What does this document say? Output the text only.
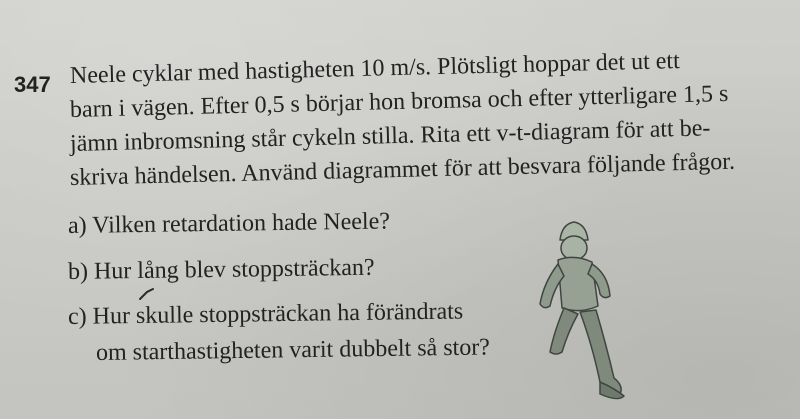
347 Neele cyklar med hastigheten 10 m/s. Plötsligt hoppar det ut ett
barn i vägen. Efter 0,5 s börjar hon bromsa och efter ytterligare 1,5 s
jämn inbromsning står cykeln stilla. Rita ett v-t-diagram för att be-
skriva händelsen. Använd diagrammet för att besvara följande frågor.
a) Vilken retardation hade Neele?
b) Hur lång blev stoppsträckan?
c) Hur skulle stoppsträckan ha förändrats
om starthastigheten varit dubbelt så stor?
